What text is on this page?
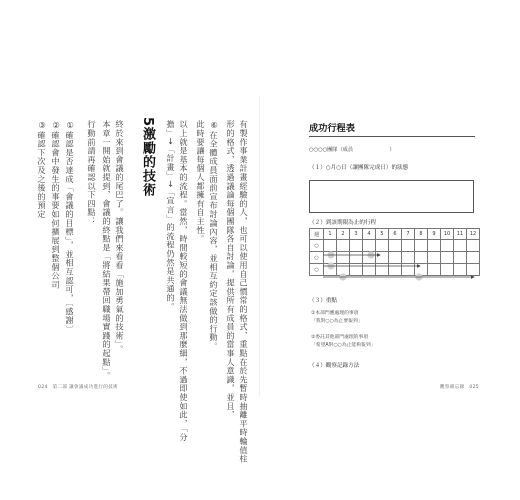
有製作事業計畫經驗的人，也可以使用自己慣常的格式，重點在於先暫時抽離平時輪值柱
形的格式，透過議論每個團隊各自討論，提供所有成員的當事人意識，並且，
⑥在全體成員面前宣布討論內容，並相互約定該做的行動。
此時要讓每個人都擁有自主性。
以上就是基本的流程。當然，時間較短的會議無法做到那麼細，不過即使如此，「分
擔」→「計畫」→「宣言」的流程仍然是共通的。
5激勵的技術
終於來到會議的尾巴了。讓我們來看看「施加勇氣的技術」。
本章一開始就提到，會議的終點是「將結果帶回職場實踐的起點」。
行動前請再確認以下四點：
①確認是否達成「會議的目標」，並相互認可，〔感謝〕
②確認會中發生的事要如何擴展到整個公司
③確認下次及之後的預定
024　第二部 讓會議成功進行的技術
成功行程表
○○○○團隊（成員　　　　　　　）
（１）○月○日（讓團隊完成日）的狀態
（２）到該期限為止的行程
週	1	2	3	4	5	6	7	8	9	10	11	12
○												
○												
○												
（３）重點
①本部門應處理的事項
「我對○○為止要報到」
②委託其他部門處理的事項
「希望A對○○為止能夠報到」
（４）觀察記錄方法
觀察備忘錄　025
